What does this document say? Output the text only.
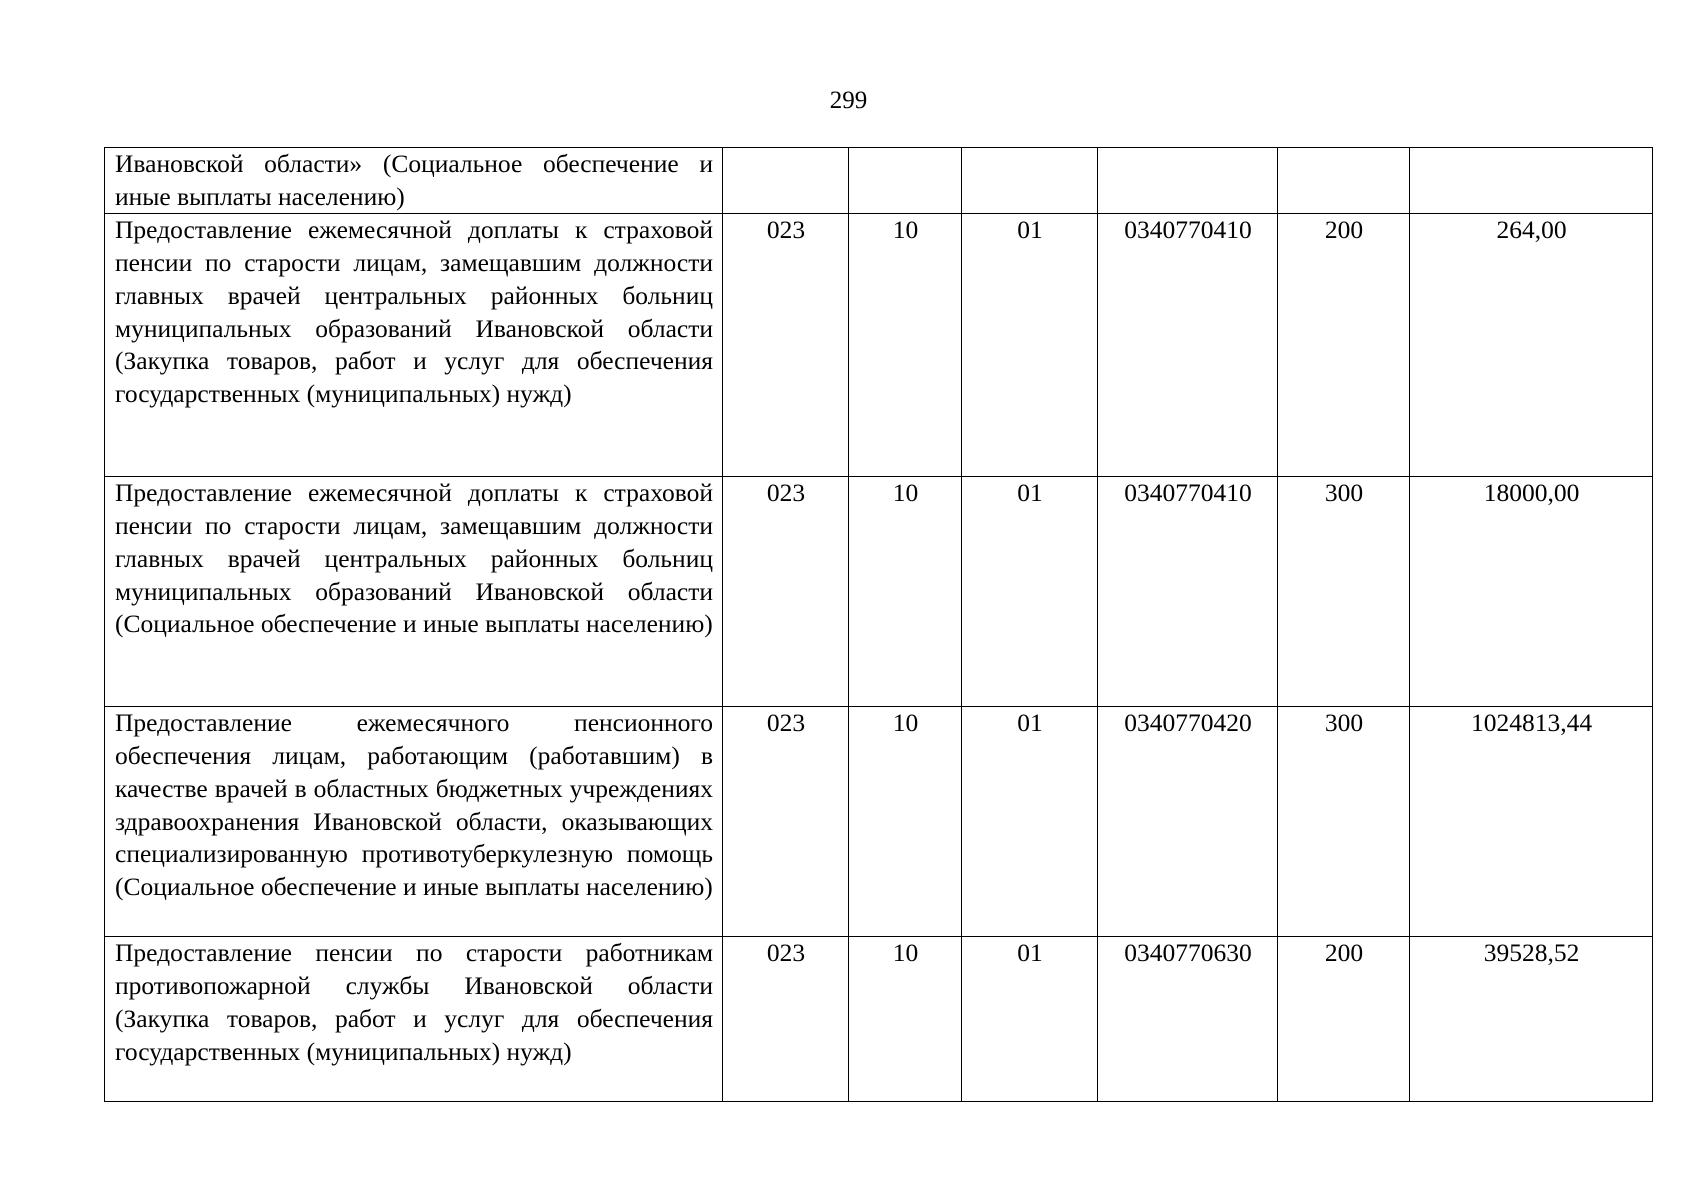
299
Ивановской области» (Социальное обеспечение и иные выплаты населению)						
Предоставление ежемесячной доплаты к страховой пенсии по старости лицам, замещавшим должности главных врачей центральных районных больниц муниципальных образований Ивановской области (Закупка товаров, работ и услуг для обеспечения государственных (муниципальных) нужд)	023	10	01	0340770410	200	264,00
Предоставление ежемесячной доплаты к страховой пенсии по старости лицам, замещавшим должности главных врачей центральных районных больниц муниципальных образований Ивановской области (Социальное обеспечение и иные выплаты населению)	023	10	01	0340770410	300	18000,00
Предоставление ежемесячного пенсионного обеспечения лицам, работающим (работавшим) в качестве врачей в областных бюджетных учреждениях здравоохранения Ивановской области, оказывающих специализированную противотуберкулезную помощь (Социальное обеспечение и иные выплаты населению)	023	10	01	0340770420	300	1024813,44
Предоставление пенсии по старости работникам противопожарной службы Ивановской области (Закупка товаров, работ и услуг для обеспечения государственных (муниципальных) нужд)	023	10	01	0340770630	200	39528,52
